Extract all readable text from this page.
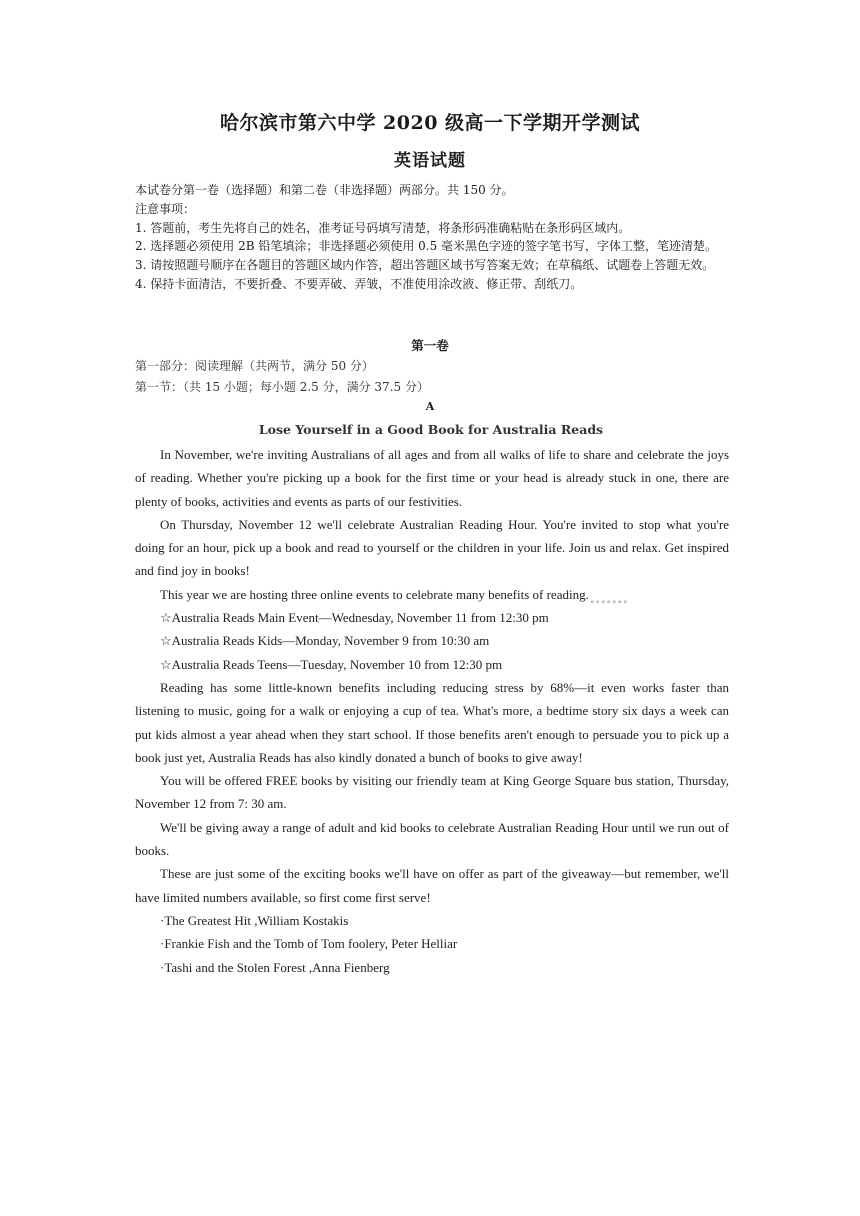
哈尔滨市第六中学 2020 级高一下学期开学测试
英语试题

本试卷分第一卷（选择题）和第二卷（非选择题）两部分。共 150 分。

注意事项：

1. 答题前，考生先将自己的姓名，准考证号码填写清楚，将条形码准确粘贴在条形码区域内。

2. 选择题必须使用 2B 铅笔填涂；非选择题必须使用 0.5 毫米黑色字迹的签字笔书写，字体工整，笔迹清楚。

3. 请按照题号顺序在各题目的答题区域内作答，超出答题区域书写答案无效；在草稿纸、试题卷上答题无效。

4. 保持卡面清洁，不要折叠、不要弄破、弄皱，不准使用涂改液、修正带、刮纸刀。

第一卷
第一部分：阅读理解（共两节，满分 50 分）
第一节：（共 15 小题；每小题 2.5 分，满分 37.5 分）
A
Lose Yourself in a Good Book for Australia Reads

In November, we're inviting Australians of all ages and from all walks of life to share and celebrate the joys of reading. Whether you're picking up a book for the first time or your head is already stuck in one, there are plenty of books, activities and events as parts of our festivities.

On Thursday, November 12 we'll celebrate Australian Reading Hour. You're invited to stop what you're doing for an hour, pick up a book and read to yourself or the children in your life. Join us and relax. Get inspired and find joy in books!

This year we are hosting three online events to celebrate many benefits of reading.

☆Australia Reads Main Event—Wednesday, November 11 from 12:30 pm

☆Australia Reads Kids—Monday, November 9 from 10:30 am

☆Australia Reads Teens—Tuesday, November 10 from 12:30 pm

Reading has some little-known benefits including reducing stress by 68%—it even works faster than listening to music, going for a walk or enjoying a cup of tea. What's more, a bedtime story six days a week can put kids almost a year ahead when they start school. If those benefits aren't enough to persuade you to pick up a book just yet, Australia Reads has also kindly donated a bunch of books to give away!

You will be offered FREE books by visiting our friendly team at King George Square bus station, Thursday, November 12 from 7: 30 am.

We'll be giving away a range of adult and kid books to celebrate Australian Reading Hour until we run out of books.

These are just some of the exciting books we'll have on offer as part of the giveaway—but remember, we'll have limited numbers available, so first come first serve!

·The Greatest Hit ,William Kostakis

·Frankie Fish and the Tomb of Tom foolery, Peter Helliar

·Tashi and the Stolen Forest ,Anna Fienberg

°°°°°°°
